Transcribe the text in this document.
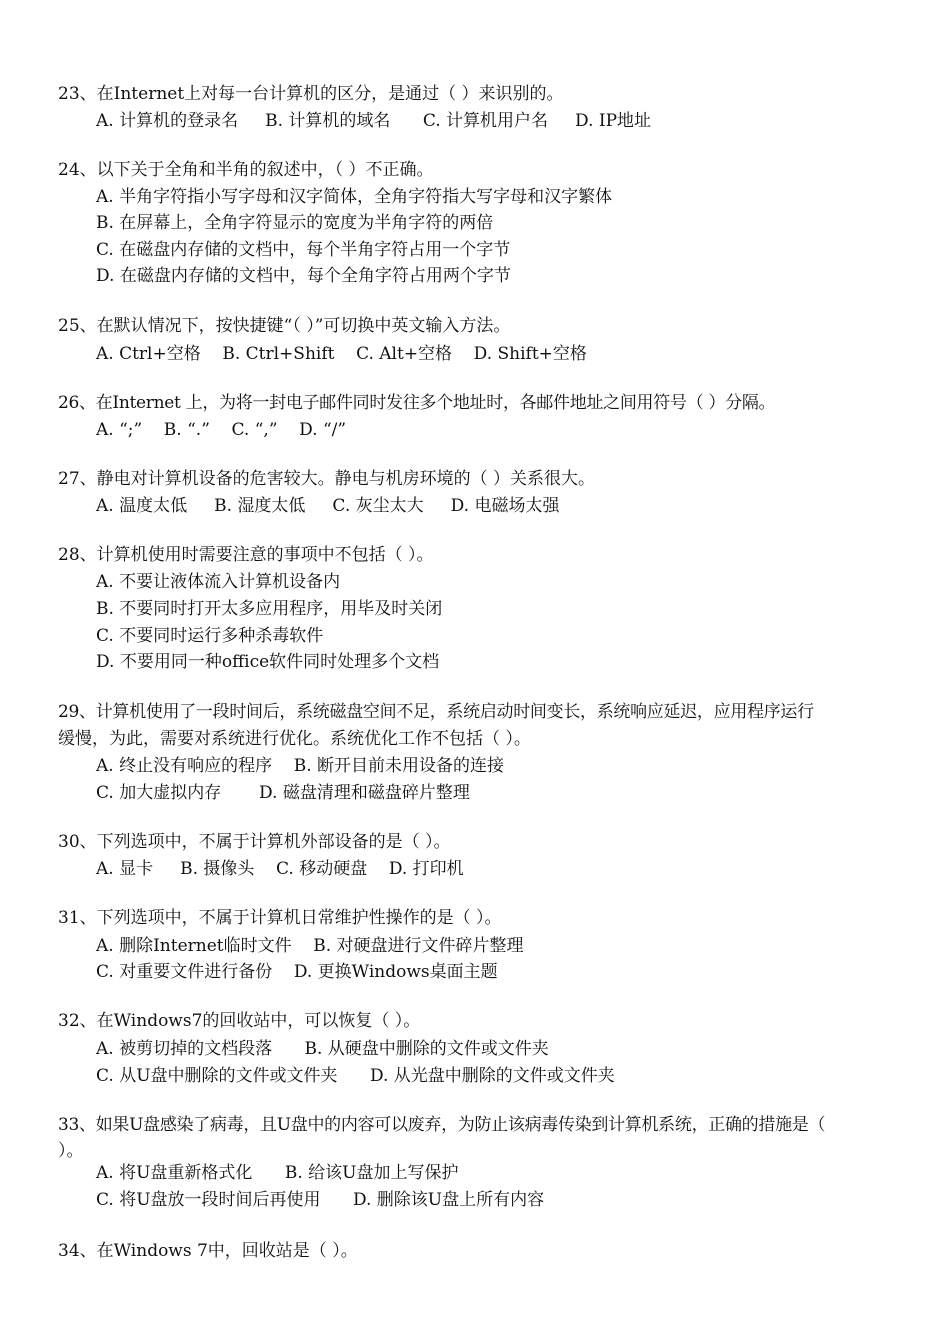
23、在Internet上对每一台计算机的区分，是通过（ ）来识别的。
A. 计算机的登录名     B. 计算机的域名      C. 计算机用户名     D. IP地址
24、以下关于全角和半角的叙述中，（ ）不正确。
A. 半角字符指小写字母和汉字简体，全角字符指大写字母和汉字繁体
B. 在屏幕上，全角字符显示的宽度为半角字符的两倍
C. 在磁盘内存储的文档中，每个半角字符占用一个字节
D. 在磁盘内存储的文档中，每个全角字符占用两个字节
25、在默认情况下，按快捷键“（ ）”可切换中英文输入方法。
A. Ctrl+空格    B. Ctrl+Shift    C. Alt+空格    D. Shift+空格
26、在Internet 上，为将一封电子邮件同时发往多个地址时，各邮件地址之间用符号（ ）分隔。
A. “;”    B. “.”    C. “,”    D. “/”
27、静电对计算机设备的危害较大。静电与机房环境的（ ）关系很大。
A. 温度太低     B. 湿度太低     C. 灰尘太大     D. 电磁场太强
28、计算机使用时需要注意的事项中不包括（ ）。
A. 不要让液体流入计算机设备内
B. 不要同时打开太多应用程序，用毕及时关闭
C. 不要同时运行多种杀毒软件
D. 不要用同一种office软件同时处理多个文档
29、计算机使用了一段时间后，系统磁盘空间不足，系统启动时间变长，系统响应延迟，应用程序运行
缓慢，为此，需要对系统进行优化。系统优化工作不包括（ ）。
A. 终止没有响应的程序    B. 断开目前未用设备的连接
C. 加大虚拟内存       D. 磁盘清理和磁盘碎片整理
30、下列选项中，不属于计算机外部设备的是（ ）。
A. 显卡     B. 摄像头    C. 移动硬盘    D. 打印机
31、下列选项中，不属于计算机日常维护性操作的是（ ）。
A. 删除Internet临时文件    B. 对硬盘进行文件碎片整理
C. 对重要文件进行备份    D. 更换Windows桌面主题
32、在Windows7的回收站中，可以恢复（ ）。
A. 被剪切掉的文档段落      B. 从硬盘中删除的文件或文件夹
C. 从U盘中删除的文件或文件夹      D. 从光盘中删除的文件或文件夹
33、如果U盘感染了病毒，且U盘中的内容可以废弃，为防止该病毒传染到计算机系统，正确的措施是（
）。
A. 将U盘重新格式化      B. 给该U盘加上写保护
C. 将U盘放一段时间后再使用      D. 删除该U盘上所有内容
34、在Windows 7中，回收站是（ ）。
